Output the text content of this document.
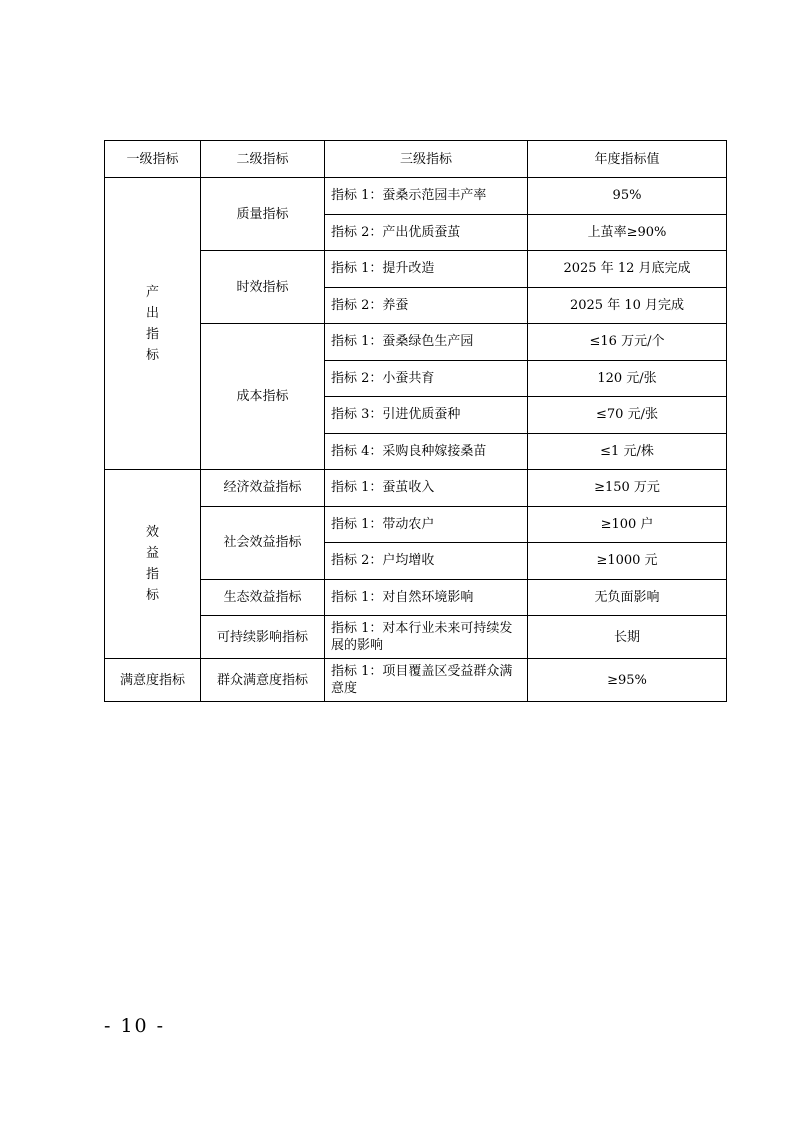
一级指标	二级指标	三级指标	年度指标值
产出指标	质量指标	指标 1：蚕桑示范园丰产率	95%
		指标 2：产出优质蚕茧	上茧率≥90%
	时效指标	指标 1：提升改造	2025 年 12 月底完成
		指标 2：养蚕	2025 年 10 月完成
	成本指标	指标 1：蚕桑绿色生产园	≤16 万元/个
		指标 2：小蚕共育	120 元/张
		指标 3：引进优质蚕种	≤70 元/张
		指标 4：采购良种嫁接桑苗	≤1 元/株
效益指标	经济效益指标	指标 1：蚕茧收入	≥150 万元
	社会效益指标	指标 1：带动农户	≥100 户
		指标 2：户均增收	≥1000 元
	生态效益指标	指标 1：对自然环境影响	无负面影响
	可持续影响指标	指标 1：对本行业未来可持续发展的影响	长期
满意度指标	群众满意度指标	指标 1：项目覆盖区受益群众满意度	≥95%
- 10 -
